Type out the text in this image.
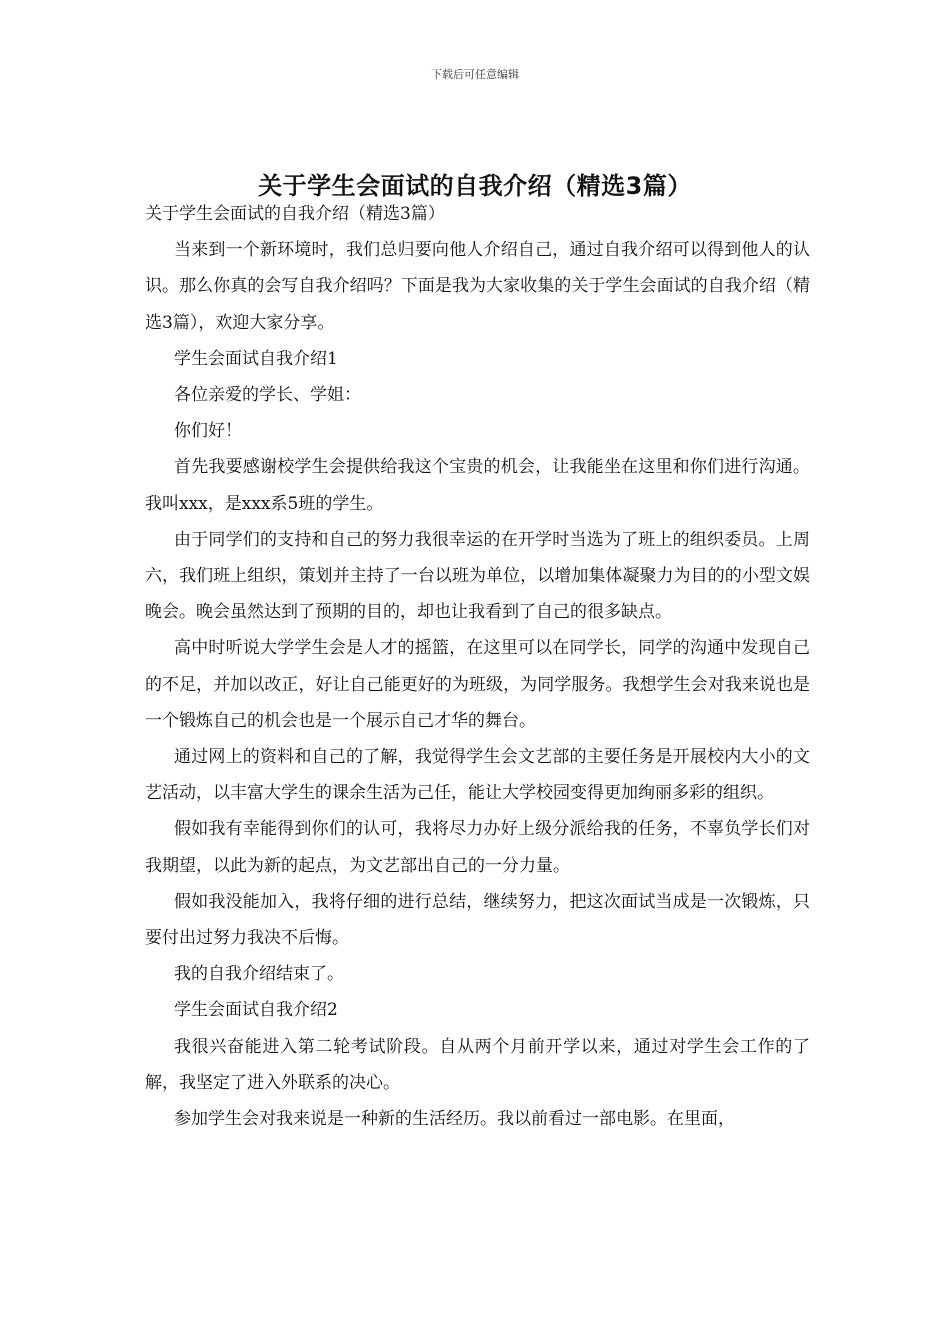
下载后可任意编辑
关于学生会面试的自我介绍（精选3篇）

关于学生会面试的自我介绍（精选3篇）

当来到一个新环境时，我们总归要向他人介绍自己，通过自我介绍可以得到他人的认识。那么你真的会写自我介绍吗？下面是我为大家收集的关于学生会面试的自我介绍（精选3篇），欢迎大家分享。

学生会面试自我介绍1

各位亲爱的学长、学姐：

你们好！

首先我要感谢校学生会提供给我这个宝贵的机会，让我能坐在这里和你们进行沟通。我叫xxx，是xxx系5班的学生。

由于同学们的支持和自己的努力我很幸运的在开学时当选为了班上的组织委员。上周六，我们班上组织，策划并主持了一台以班为单位，以增加集体凝聚力为目的的小型文娱晚会。晚会虽然达到了预期的目的，却也让我看到了自己的很多缺点。

高中时听说大学学生会是人才的摇篮，在这里可以在同学长，同学的沟通中发现自己的不足，并加以改正，好让自己能更好的为班级，为同学服务。我想学生会对我来说也是一个锻炼自己的机会也是一个展示自己才华的舞台。

通过网上的资料和自己的了解，我觉得学生会文艺部的主要任务是开展校内大小的文艺活动，以丰富大学生的课余生活为己任，能让大学校园变得更加绚丽多彩的组织。

假如我有幸能得到你们的认可，我将尽力办好上级分派给我的任务，不辜负学长们对我期望，以此为新的起点，为文艺部出自己的一分力量。

假如我没能加入，我将仔细的进行总结，继续努力，把这次面试当成是一次锻炼，只要付出过努力我决不后悔。

我的自我介绍结束了。

学生会面试自我介绍2

我很兴奋能进入第二轮考试阶段。自从两个月前开学以来，通过对学生会工作的了解，我坚定了进入外联系的决心。

参加学生会对我来说是一种新的生活经历。我以前看过一部电影。在里面，
